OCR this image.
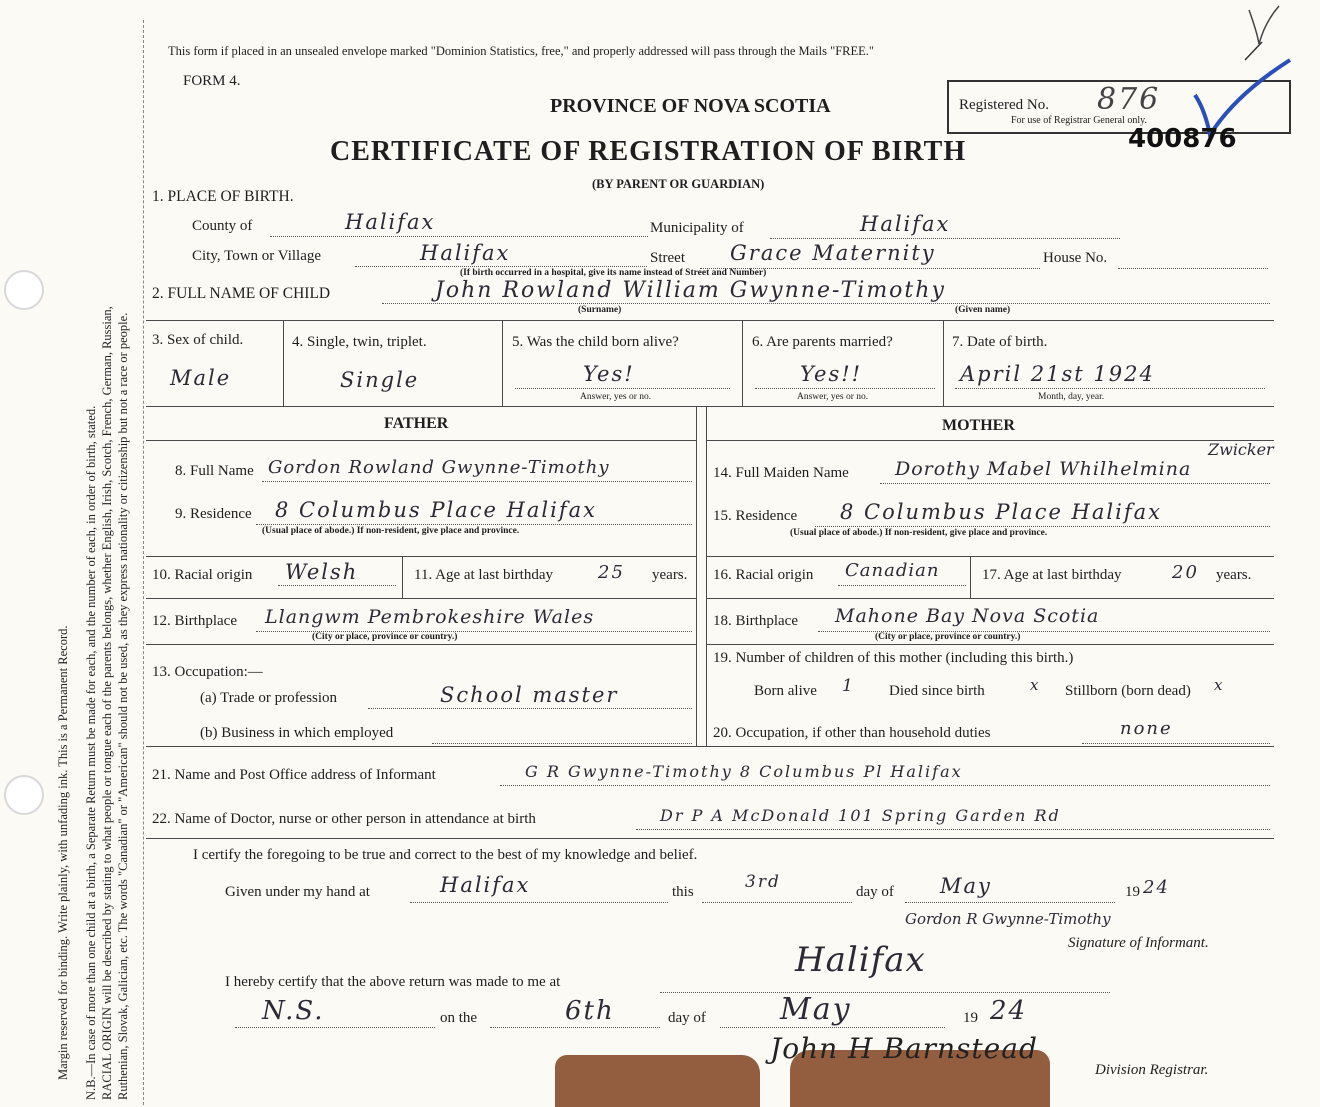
Margin reserved for binding. Write plainly, with unfading ink. This is a Permanent Record. N.B.—In case of more than one child at a birth, a Separate Return must be made for each, and the number of each, in order of birth, stated. RACIAL ORIGIN will be described by stating to what people or tongue each of the parents belongs, whether English, Irish, Scotch, French, German, Russian, Ruthenian, Slovak, Galician, etc. The words "Canadian" or "American" should not be used, as they express nationality or citizenship but not a race or people.
This form if placed in an unsealed envelope marked "Dominion Statistics, free," and properly addressed will pass through the Mails "FREE."
FORM 4.
PROVINCE OF NOVA SCOTIA
CERTIFICATE OF REGISTRATION OF BIRTH
(BY PARENT OR GUARDIAN)
Registered No. 876
For use of Registrar General only.
400876
1. PLACE OF BIRTH.
County of	Halifax	Municipality of	Halifax
City, Town or Village	Halifax	Street Grace Maternity	House No.
(If birth occurred in a hospital, give its name instead of Street and Number)
2. FULL NAME OF CHILD	John Rowland William Gwynne-Timothy
(Surname)	(Given name)
3. Sex of child.
Male
4. Single, twin, triplet.
Single
5. Was the child born alive?
Yes!
Answer, yes or no.
6. Are parents married?
Yes!!
Answer, yes or no.
7. Date of birth.
April 21st 1924
Month, day, year.
FATHER	MOTHER
8. Full Name Gordon Rowland Gwynne-Timothy
9. Residence 8 Columbus Place Halifax
(Usual place of abode.) If non-resident, give place and province.
10. Racial origin Welsh	11. Age at last birthday	25 years.
12. Birthplace Llangwm Pembrokeshire Wales
(City or place, province or country.)
13. Occupation:—
(a) Trade or profession	School master
(b) Business in which employed
14. Full Maiden Name Dorothy Mabel Whilhelmina
Zwicker
15. Residence 8 Columbus Place Halifax
(Usual place of abode.) If non-resident, give place and province.
16. Racial origin Canadian	17. Age at last birthday	20 years.
18. Birthplace Mahone Bay Nova Scotia
(City or place, province or country.)
19. Number of children of this mother (including this birth.)
Born alive 1 Died since birth	x Stillborn (born dead) x
20. Occupation, if other than household duties	none
21. Name and Post Office address of Informant	G R Gwynne-Timothy 8 Columbus Pl Halifax
22. Name of Doctor, nurse or other person in attendance at birth	Dr P A McDonald 101 Spring Garden Rd
I certify the foregoing to be true and correct to the best of my knowledge and belief.
Given under my hand at	Halifax	this	3rd	day of May	19 24
Gordon R Gwynne-Timothy
Signature of Informant.
I hereby certify that the above return was made to me at
Halifax
N.S.	on the	6th	day of May	19 24
John H Barnstead
Division Registrar.
